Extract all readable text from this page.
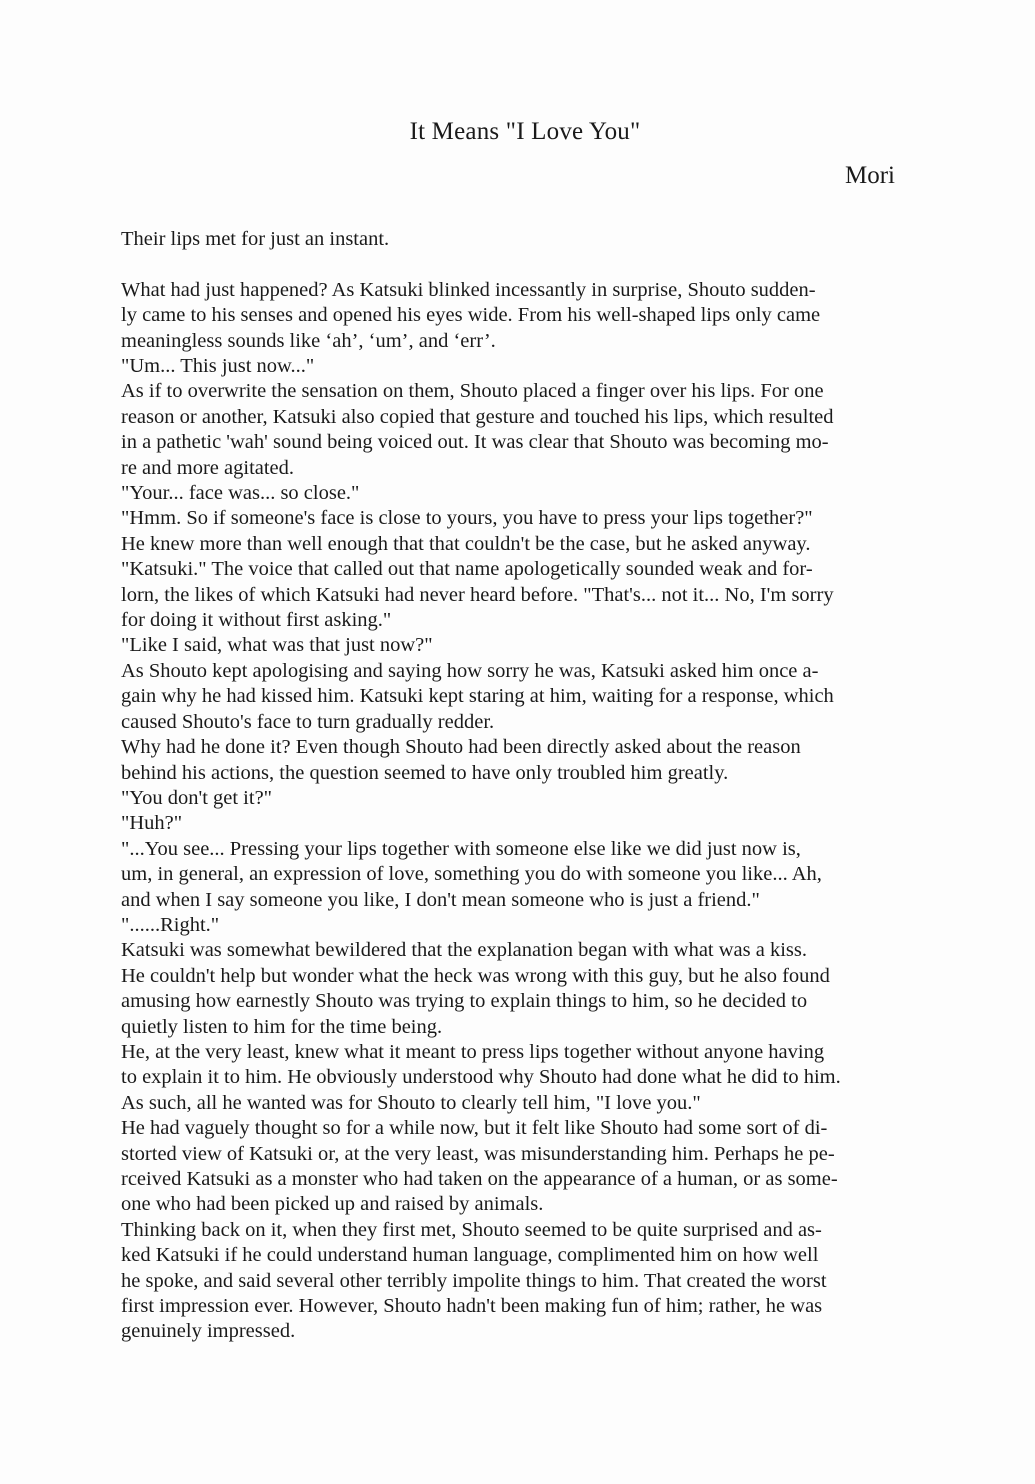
It Means "I Love You"
Mori

Their lips met for just an instant.

What had just happened? As Katsuki blinked incessantly in surprise, Shouto sudden-
ly came to his senses and opened his eyes wide. From his well-shaped lips only came
meaningless sounds like ‘ah’, ‘um’, and ‘err’.

"Um... This just now..."

As if to overwrite the sensation on them, Shouto placed a finger over his lips. For one
reason or another, Katsuki also copied that gesture and touched his lips, which resulted
in a pathetic 'wah' sound being voiced out. It was clear that Shouto was becoming mo-
re and more agitated.

"Your... face was... so close."

"Hmm. So if someone's face is close to yours, you have to press your lips together?"

He knew more than well enough that that couldn't be the case, but he asked anyway.

"Katsuki." The voice that called out that name apologetically sounded weak and for-
lorn, the likes of which Katsuki had never heard before. "That's... not it... No, I'm sorry
for doing it without first asking."

"Like I said, what was that just now?"

As Shouto kept apologising and saying how sorry he was, Katsuki asked him once a-
gain why he had kissed him. Katsuki kept staring at him, waiting for a response, which
caused Shouto's face to turn gradually redder.

Why had he done it? Even though Shouto had been directly asked about the reason
behind his actions, the question seemed to have only troubled him greatly.

"You don't get it?"

"Huh?"

"...You see... Pressing your lips together with someone else like we did just now is,
um, in general, an expression of love, something you do with someone you like... Ah,
and when I say someone you like, I don't mean someone who is just a friend."

"......Right."

Katsuki was somewhat bewildered that the explanation began with what was a kiss.
He couldn't help but wonder what the heck was wrong with this guy, but he also found
amusing how earnestly Shouto was trying to explain things to him, so he decided to
quietly listen to him for the time being.

He, at the very least, knew what it meant to press lips together without anyone having
to explain it to him. He obviously understood why Shouto had done what he did to him.
As such, all he wanted was for Shouto to clearly tell him, "I love you."

He had vaguely thought so for a while now, but it felt like Shouto had some sort of di-
storted view of Katsuki or, at the very least, was misunderstanding him. Perhaps he pe-
rceived Katsuki as a monster who had taken on the appearance of a human, or as some-
one who had been picked up and raised by animals.

Thinking back on it, when they first met, Shouto seemed to be quite surprised and as-
ked Katsuki if he could understand human language, complimented him on how well
he spoke, and said several other terribly impolite things to him. That created the worst
first impression ever. However, Shouto hadn't been making fun of him; rather, he was
genuinely impressed.
